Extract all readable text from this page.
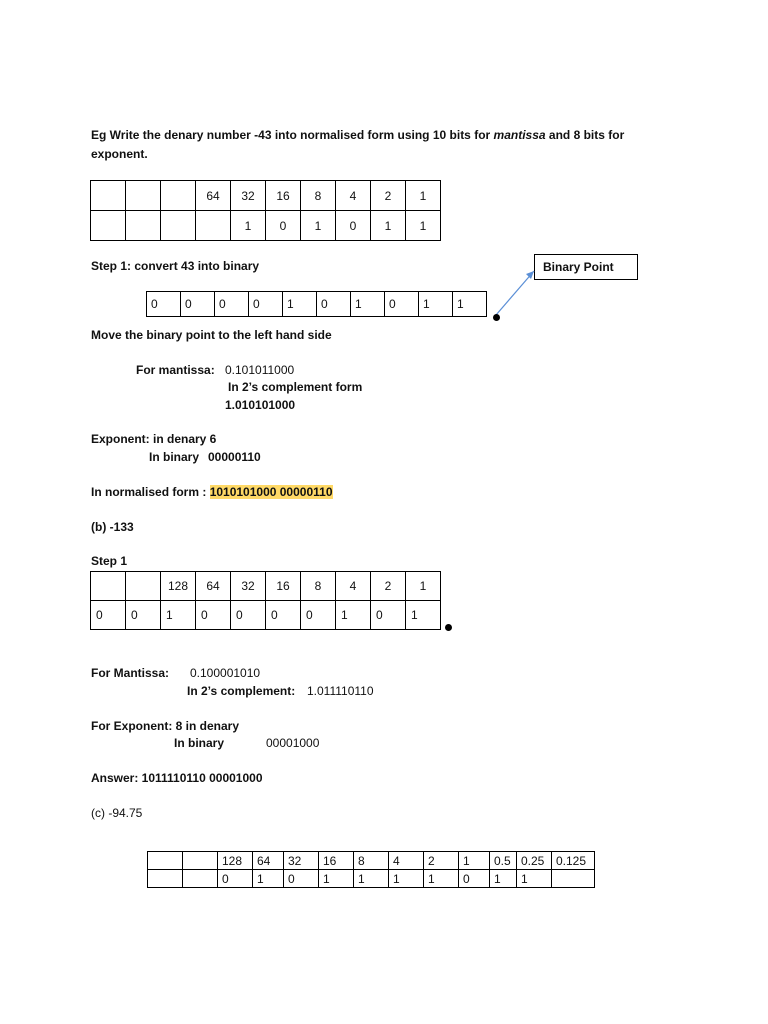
Eg Write the denary number -43 into normalised form using 10 bits for mantissa and 8 bits for
exponent.
			64	32	16	8	4	2	1
				1	0	1	0	1	1
Step 1: convert 43 into binary	Binary Point
0	0	0	0	1	0	1	0	1	1
Move the binary point to the left hand side
For mantissa: 0.101011000
In 2’s complement form
1.010101000
Exponent: in denary 6
In binary 00000110
In normalised form : 1010101000 00000110
(b) -133
Step 1
		128	64	32	16	8	4	2	1
0	0	1	0	0	0	0	1	0	1
For Mantissa: 0.100001010
In 2’s complement: 1.011110110
For Exponent: 8 in denary
In binary	00001000
Answer: 1011110110 00001000
(c) -94.75
		128	64	32	16	8	4	2	1	0.5	0.25	0.125
		0	1	0	1	1	1	1	0	1	1	
